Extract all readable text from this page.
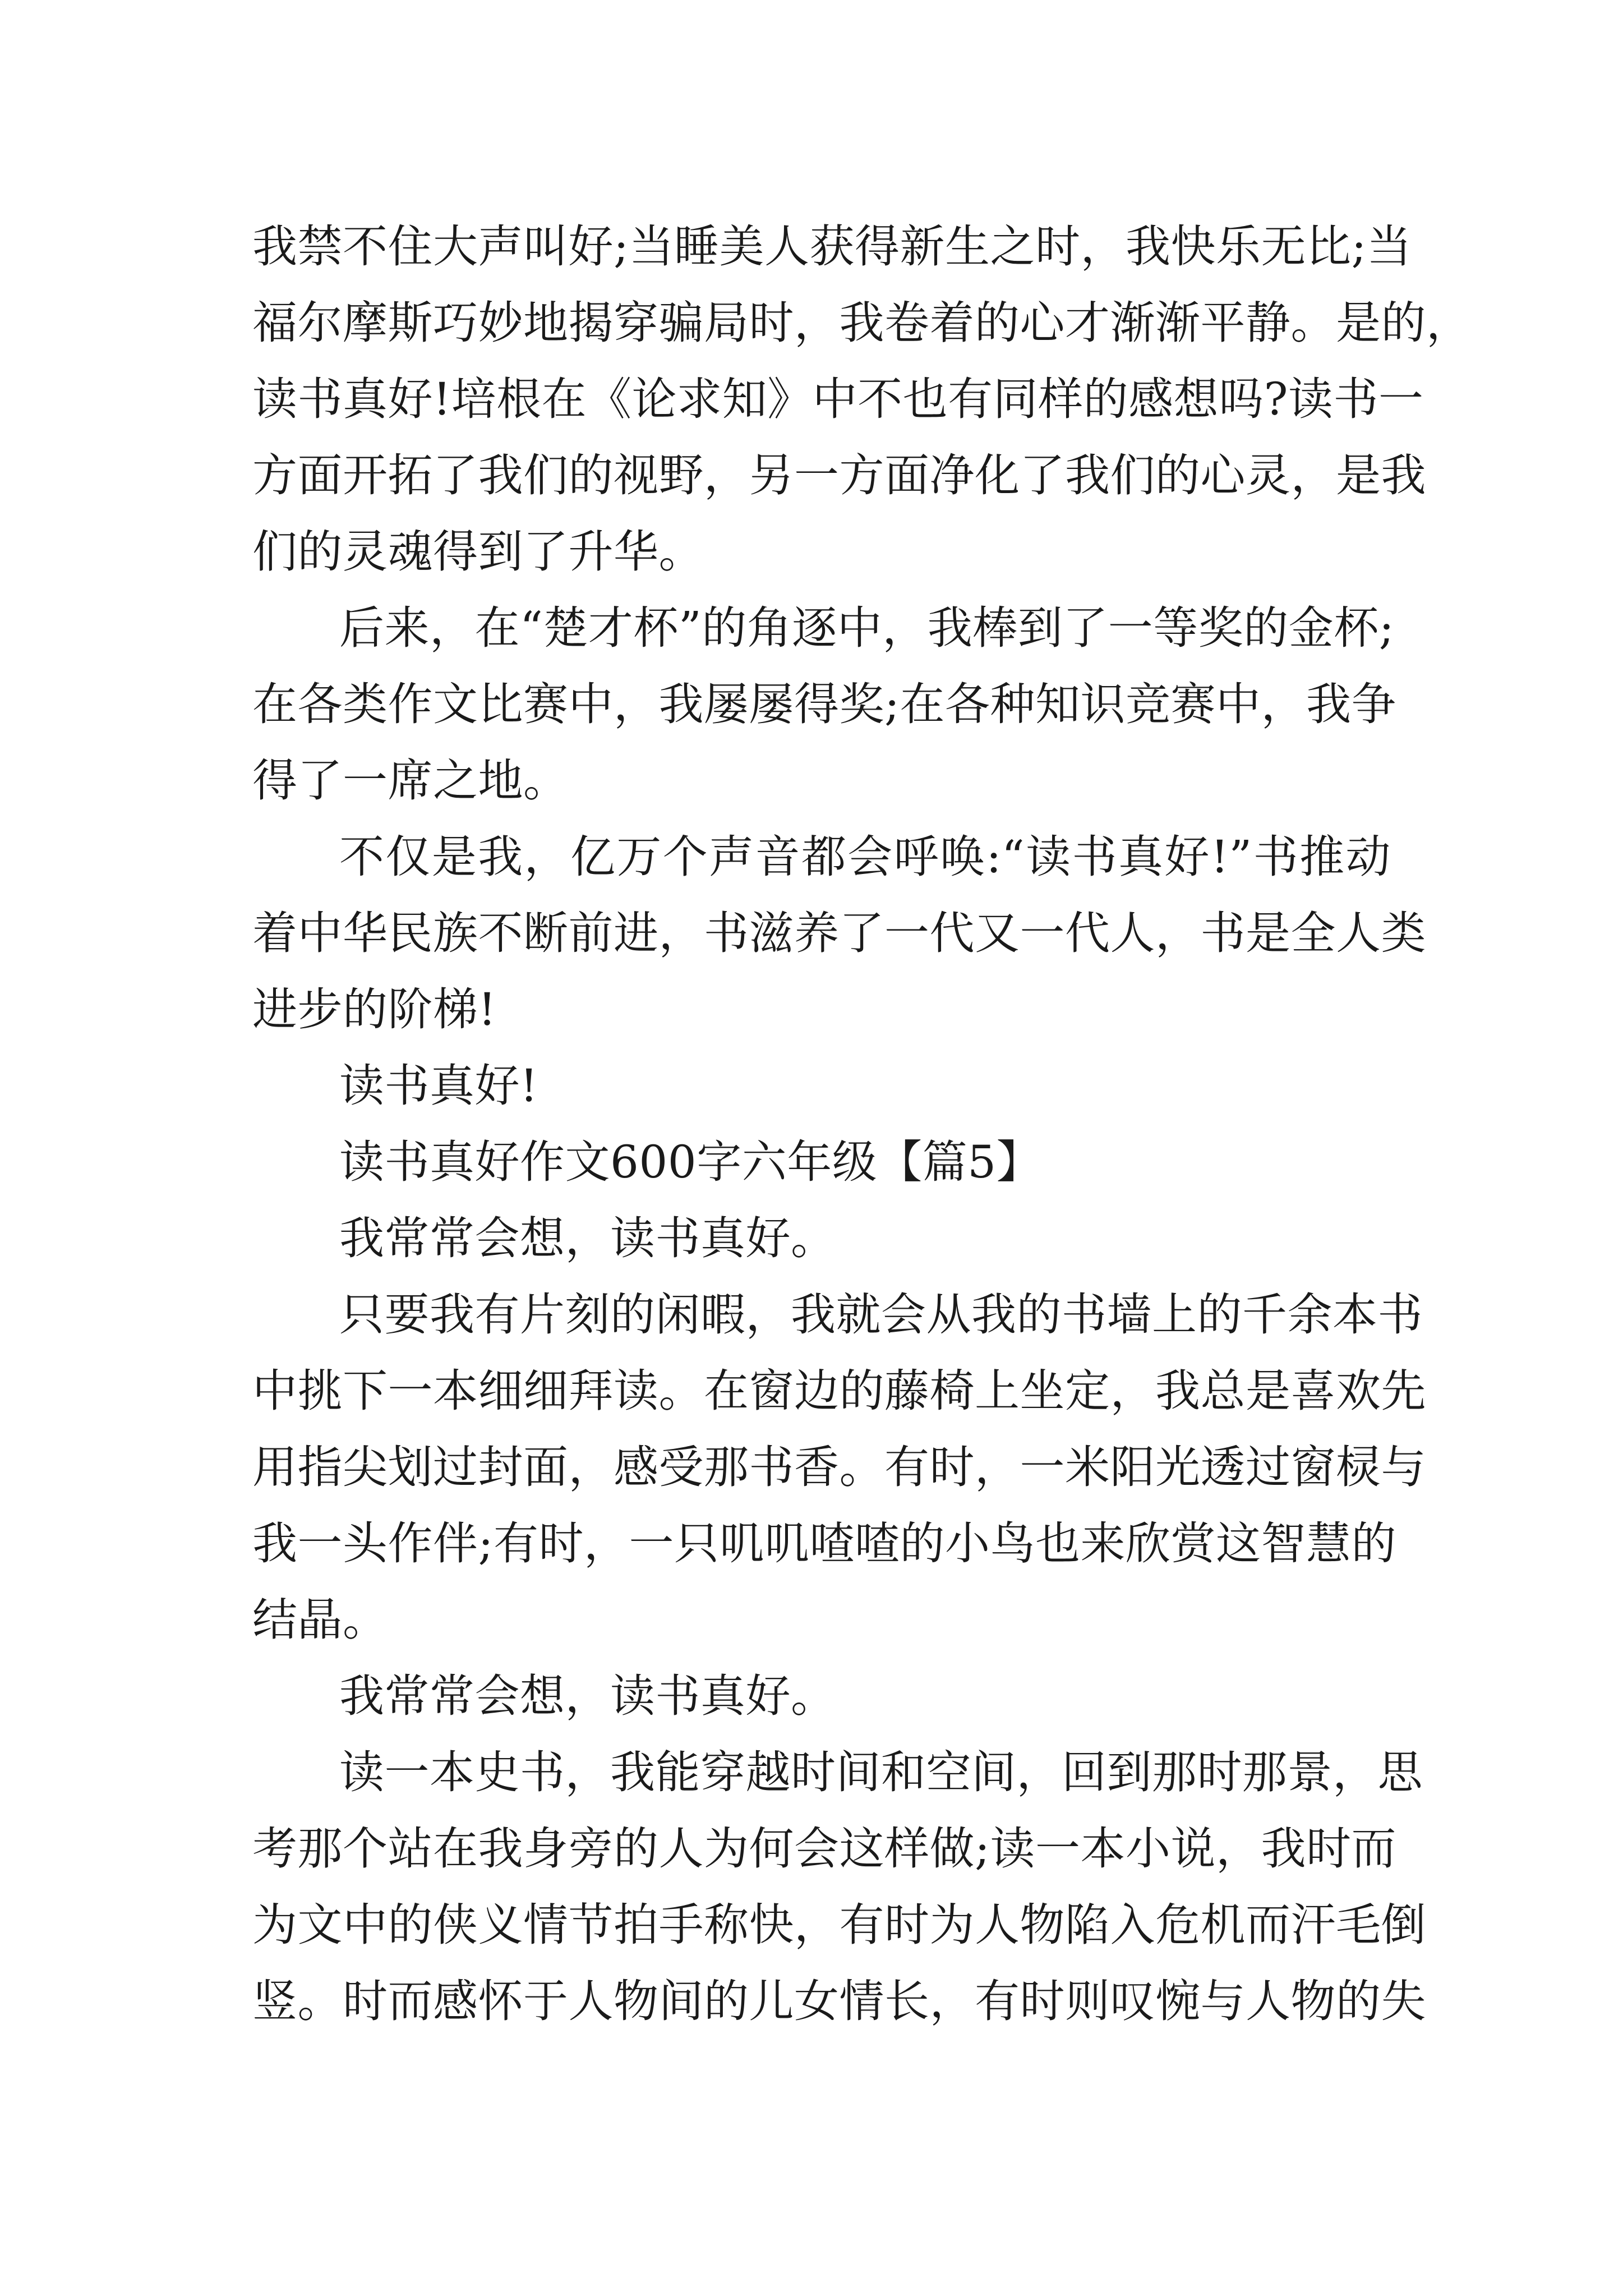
我禁不住大声叫好;当睡美人获得新生之时，我快乐无比;当
福尔摩斯巧妙地揭穿骗局时，我卷着的心才渐渐平静。是的，
读书真好!培根在《论求知》中不也有同样的感想吗?读书一
方面开拓了我们的视野，另一方面净化了我们的心灵，是我
们的灵魂得到了升华。
后来，在“楚才杯”的角逐中，我棒到了一等奖的金杯;
在各类作文比赛中，我屡屡得奖;在各种知识竞赛中，我争
得了一席之地。
不仅是我，亿万个声音都会呼唤:“读书真好!”书推动
着中华民族不断前进，书滋养了一代又一代人，书是全人类
进步的阶梯!
读书真好!
读书真好作文600字六年级【篇5】
我常常会想，读书真好。
只要我有片刻的闲暇，我就会从我的书墙上的千余本书
中挑下一本细细拜读。在窗边的藤椅上坐定，我总是喜欢先
用指尖划过封面，感受那书香。有时，一米阳光透过窗棂与
我一头作伴;有时，一只叽叽喳喳的小鸟也来欣赏这智慧的
结晶。
我常常会想，读书真好。
读一本史书，我能穿越时间和空间，回到那时那景，思
考那个站在我身旁的人为何会这样做;读一本小说，我时而
为文中的侠义情节拍手称快，有时为人物陷入危机而汗毛倒
竖。时而感怀于人物间的儿女情长，有时则叹惋与人物的失
